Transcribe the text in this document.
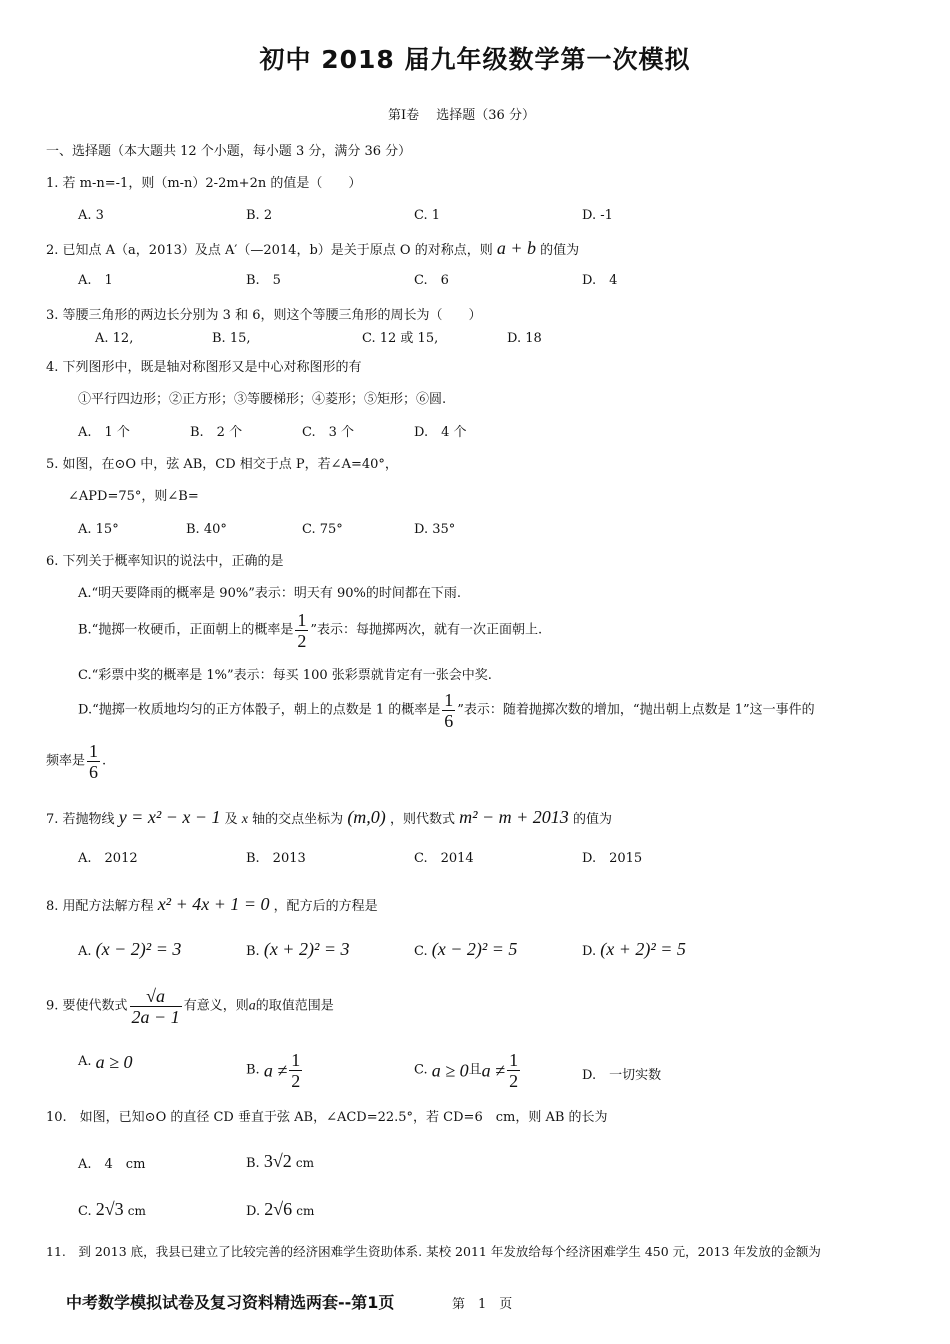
初中 2018 届九年级数学第一次模拟
第Ⅰ卷　 选择题（36 分）
一、选择题（本大题共 12 个小题，每小题 3 分，满分 36 分）
1. 若 m-n=-1，则（m-n）2-2m+2n 的值是（　　）
A. 3	B. 2	C. 1	D. -1
2. 已知点 A（a，2013）及点 A′（—2014，b）是关于原点 O 的对称点，则 a + b 的值为
A.　1	B.　5	C.　6	D.　4
3. 等腰三角形的两边长分别为 3 和 6，则这个等腰三角形的周长为（　　）
A. 12,	B. 15,	C. 12 或 15,	D. 18
4. 下列图形中，既是轴对称图形又是中心对称图形的有
①平行四边形；②正方形；③等腰梯形；④菱形；⑤矩形；⑥圆.
A.　1 个	B.　2 个	C.　3 个	D.　4 个
5. 如图，在⊙O 中，弦 AB，CD 相交于点 P，若∠A=40°，
∠APD=75°，则∠B=
A. 15°	B. 40°	C. 75°	D. 35°
6. 下列关于概率知识的说法中，正确的是
A.“明天要降雨的概率是 90%”表示：明天有 90%的时间都在下雨.
B.“抛掷一枚硬币，正面朝上的概率是 $\frac{1}{2}$ ”表示：每抛掷两次，就有一次正面朝上.
C.“彩票中奖的概率是 1%”表示：每买 100 张彩票就肯定有一张会中奖.
D.“抛掷一枚质地均匀的正方体骰子，朝上的点数是 1 的概率是 $\frac{1}{6}$ ”表示：随着抛掷次数的增加，“抛出朝上点数是 1”这一事件的
频率是 $\frac{1}{6}$ .
7. 若抛物线 y = x² − x − 1 及 x 轴的交点坐标为 (m,0) ，则代数式 m² − m + 2013 的值为
A.　2012	B.　2013	C.　2014	D.　2015
8. 用配方法解方程 x² + 4x + 1 = 0 ，配方后的方程是
A. (x − 2)² = 3	B. (x + 2)² = 3	C. (x − 2)² = 5	D. (x + 2)² = 5
9. 要使代数式 $\frac{√a}{2a - 1}$ 有意义，则a的取值范围是
A. a ≥ 0	B. $a \ne \frac{1}{2}$	C. a ≥ 0且$a \ne \frac{1}{2}$	D.　一切实数
10.　如图，已知⊙O 的直径 CD 垂直于弦 AB，∠ACD=22.5°，若 CD=6　cm，则 AB 的长为
A.　4　cm	B. 3√2 cm
C. 2√3 cm	D. 2√6 cm
11.　到 2013 底，我县已建立了比较完善的经济困难学生资助体系. 某校 2011 年发放给每个经济困难学生 450 元，2013 年发放的金额为
中考数学模拟试卷及复习资料精选两套--第1页	第　1　页
